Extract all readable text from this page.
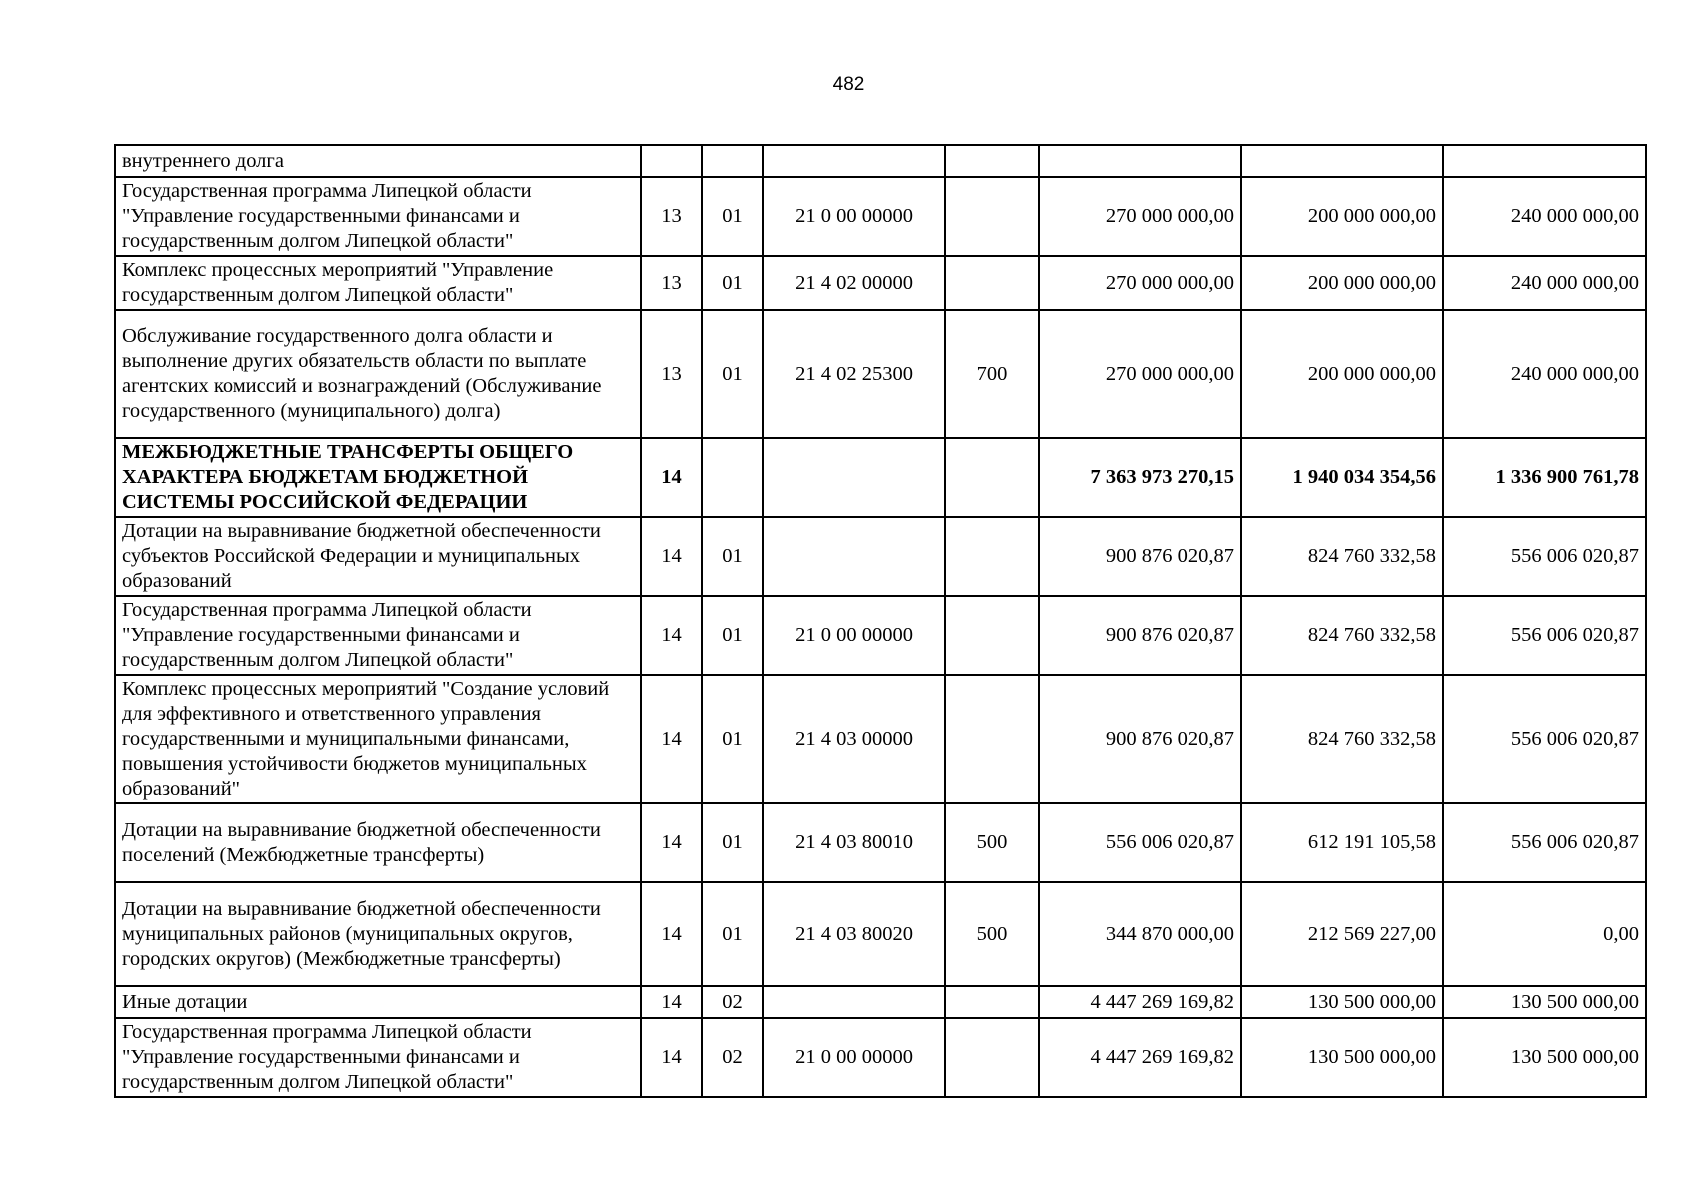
482
внутреннего долга							
Государственная программа Липецкой области "Управление государственными финансами и государственным долгом Липецкой области"	13	01	21 0 00 00000		270 000 000,00	200 000 000,00	240 000 000,00
Комплекс процессных мероприятий "Управление государственным долгом Липецкой области"	13	01	21 4 02 00000		270 000 000,00	200 000 000,00	240 000 000,00
Обслуживание государственного долга области и выполнение других обязательств области по выплате агентских комиссий и вознаграждений (Обслуживание государственного (муниципального) долга)	13	01	21 4 02 25300	700	270 000 000,00	200 000 000,00	240 000 000,00
МЕЖБЮДЖЕТНЫЕ ТРАНСФЕРТЫ ОБЩЕГО ХАРАКТЕРА БЮДЖЕТАМ БЮДЖЕТНОЙ СИСТЕМЫ РОССИЙСКОЙ ФЕДЕРАЦИИ	14				7 363 973 270,15	1 940 034 354,56	1 336 900 761,78
Дотации на выравнивание бюджетной обеспеченности субъектов Российской Федерации и муниципальных образований	14	01			900 876 020,87	824 760 332,58	556 006 020,87
Государственная программа Липецкой области "Управление государственными финансами и государственным долгом Липецкой области"	14	01	21 0 00 00000		900 876 020,87	824 760 332,58	556 006 020,87
Комплекс процессных мероприятий "Создание условий для эффективного и ответственного управления государственными и муниципальными финансами, повышения устойчивости бюджетов муниципальных образований"	14	01	21 4 03 00000		900 876 020,87	824 760 332,58	556 006 020,87
Дотации на выравнивание бюджетной обеспеченности поселений (Межбюджетные трансферты)	14	01	21 4 03 80010	500	556 006 020,87	612 191 105,58	556 006 020,87
Дотации на выравнивание бюджетной обеспеченности муниципальных районов (муниципальных округов, городских округов) (Межбюджетные трансферты)	14	01	21 4 03 80020	500	344 870 000,00	212 569 227,00	0,00
Иные дотации	14	02			4 447 269 169,82	130 500 000,00	130 500 000,00
Государственная программа Липецкой области "Управление государственными финансами и государственным долгом Липецкой области"	14	02	21 0 00 00000		4 447 269 169,82	130 500 000,00	130 500 000,00
